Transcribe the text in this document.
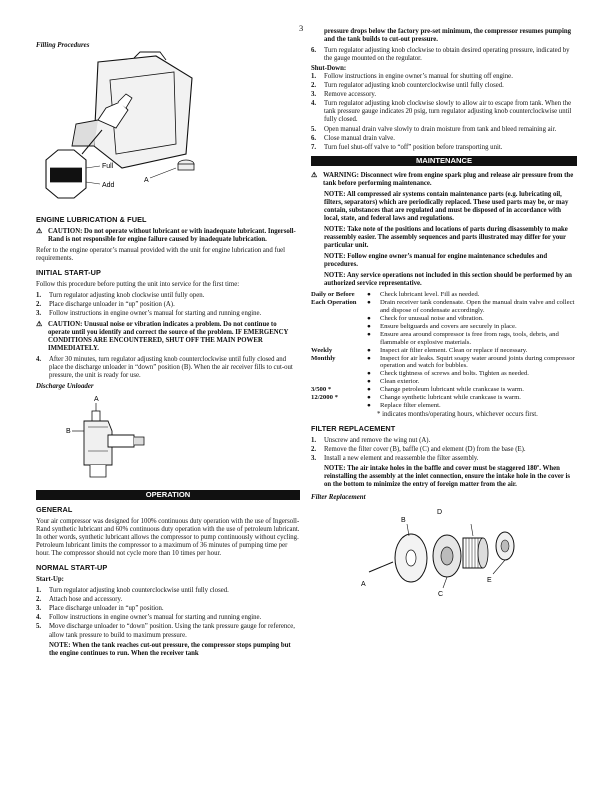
3
Filling Procedures
Full
Add
A
ENGINE LUBRICATION & FUEL
⚠ CAUTION: Do not operate without lubricant or with inadequate lubricant. Ingersoll-Rand is not responsible for engine failure caused by inadequate lubrication.
Refer to the engine operator’s manual provided with the unit for engine lubrication and fuel requirements.
INITIAL START-UP
Follow this procedure before putting the unit into service for the first time:
1. Turn regulator adjusting knob clockwise until fully open.
2. Place discharge unloader in “up” position (A).
3. Follow instructions in engine owner’s manual for starting and running engine.
⚠ CAUTION: Unusual noise or vibration indicates a problem. Do not continue to operate until you identify and correct the source of the problem. IF EMERGENCY CONDITIONS ARE ENCOUNTERED, SHUT OFF THE MAIN POWER IMMEDIATELY.
4. After 30 minutes, turn regulator adjusting knob counterclockwise until fully closed and place the discharge unloader in “down” position (B). When the air receiver fills to cut-out pressure, the unit is ready for use.
Discharge Unloader
A
B
OPERATION
GENERAL
Your air compressor was designed for 100% continuous duty operation with the use of Ingersoll-Rand synthetic lubricant and 60% continuous duty operation with the use of petroleum lubricant. In other words, synthetic lubricant allows the compressor to pump continuously without cycling. Petroleum lubricant limits the compressor to a maximum of 36 minutes of pumping time per hour. The compressor should not cycle more than 10 times per hour.
NORMAL START-UP
Start-Up:
1. Turn regulator adjusting knob counterclockwise until fully closed.
2. Attach hose and accessory.
3. Place discharge unloader in “up” position.
4. Follow instructions in engine owner’s manual for starting and running engine.
5. Move discharge unloader to “down” position. Using the tank pressure gauge for reference, allow tank pressure to build to maximum pressure.
NOTE: When the tank reaches cut-out pressure, the compressor stops pumping but the engine continues to run. When the receiver tank
pressure drops below the factory pre-set minimum, the compressor resumes pumping and the tank builds to cut-out pressure.
6. Turn regulator adjusting knob clockwise to obtain desired operating pressure, indicated by the gauge mounted on the regulator.
Shut-Down:
1. Follow instructions in engine owner’s manual for shutting off engine.
2. Turn regulator adjusting knob counterclockwise until fully closed.
3. Remove accessory.
4. Turn regulator adjusting knob clockwise slowly to allow air to escape from tank. When the tank pressure gauge indicates 20 psig, turn regulator adjusting knob counterclockwise until fully closed.
5. Open manual drain valve slowly to drain moisture from tank and bleed remaining air.
6. Close manual drain valve.
7. Turn fuel shut-off valve to “off” position before transporting unit.
MAINTENANCE
⚠ WARNING: Disconnect wire from engine spark plug and release air pressure from the tank before performing maintenance.
NOTE: All compressed air systems contain maintenance parts (e.g. lubricating oil, filters, separators) which are periodically replaced. These used parts may be, or may contain, substances that are regulated and must be disposed of in accordance with local, state, and federal laws and regulations.
NOTE: Take note of the positions and locations of parts during disassembly to make reassembly easier. The assembly sequences and parts illustrated may differ for your particular unit.
NOTE: Follow engine owner’s manual for engine maintenance schedules and procedures.
NOTE: Any service operations not included in this section should be performed by an authorized service representative.
Daily or Before Each Operation	●	Check lubricant level. Fill as needed.
	●	Drain receiver tank condensate. Open the manual drain valve and collect and dispose of condensate accordingly.
	●	Check for unusual noise and vibration.
	●	Ensure beltguards and covers are securely in place.
	●	Ensure area around compressor is free from rags, tools, debris, and flammable or explosive materials.
Weekly	●	Inspect air filter element. Clean or replace if necessary.
Monthly	●	Inspect for air leaks. Squirt soapy water around joints during compressor operation and watch for bubbles.
	●	Check tightness of screws and bolts. Tighten as needed.
	●	Clean exterior.
3/500 *	●	Change petroleum lubricant while crankcase is warm.
12/2000 *	●	Change synthetic lubricant while crankcase is warm.
	●	Replace filter element.
* indicates months/operating hours, whichever occurs first.
FILTER REPLACEMENT
1. Unscrew and remove the wing nut (A).
2. Remove the filter cover (B), baffle (C) and element (D) from the base (E).
3. Install a new element and reassemble the filter assembly.
NOTE: The air intake holes in the baffle and cover must be staggered 180º. When reinstalling the assembly at the inlet connection, ensure the intake hole in the cover is on the bottom to minimize the entry of foreign matter from the air.
Filter Replacement
A
B
C
D
E
